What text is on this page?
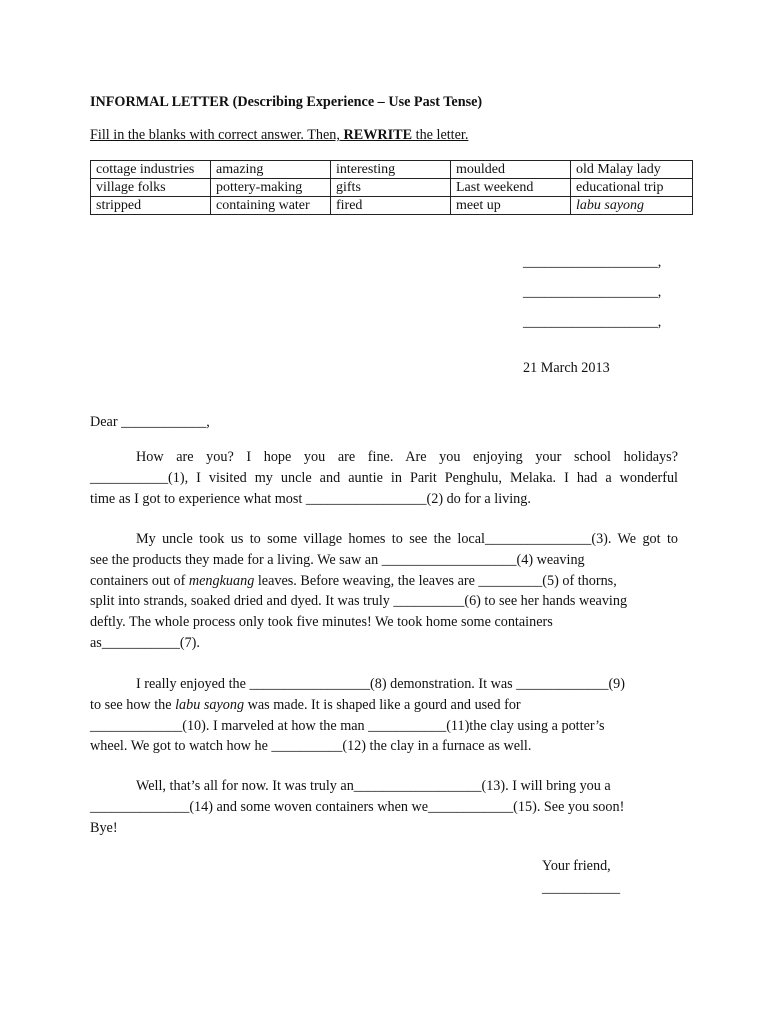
INFORMAL LETTER (Describing Experience – Use Past Tense)
Fill in the blanks with correct answer. Then, REWRITE the letter.
cottage industries	amazing	interesting	moulded	old Malay lady
village folks	pottery-making	gifts	Last weekend	educational trip
stripped	containing water	fired	meet up	labu sayong
___________________,
___________________,
___________________,
21 March 2013
Dear ____________,
How are you? I hope you are fine. Are you enjoying your school holidays?
___________(1), I visited my uncle and auntie in Parit Penghulu, Melaka. I had a wonderful
time as I got to experience what most _________________(2) do for a living.
My uncle took us to some village homes to see the local_______________(3). We got to
see the products they made for a living. We saw an ___________________(4) weaving
containers out of mengkuang leaves. Before weaving, the leaves are _________(5) of thorns,
split into strands, soaked dried and dyed. It was truly __________(6) to see her hands weaving
deftly. The whole process only took five minutes! We took home some containers
as___________(7).
I really enjoyed the _________________(8) demonstration. It was _____________(9)
to see how the labu sayong was made. It is shaped like a gourd and used for
_____________(10). I marveled at how the man ___________(11)the clay using a potter’s
wheel. We got to watch how he __________(12) the clay in a furnace as well.
Well, that’s all for now. It was truly an__________________(13). I will bring you a
______________(14) and some woven containers when we____________(15). See you soon!
Bye!
Your friend,
___________
